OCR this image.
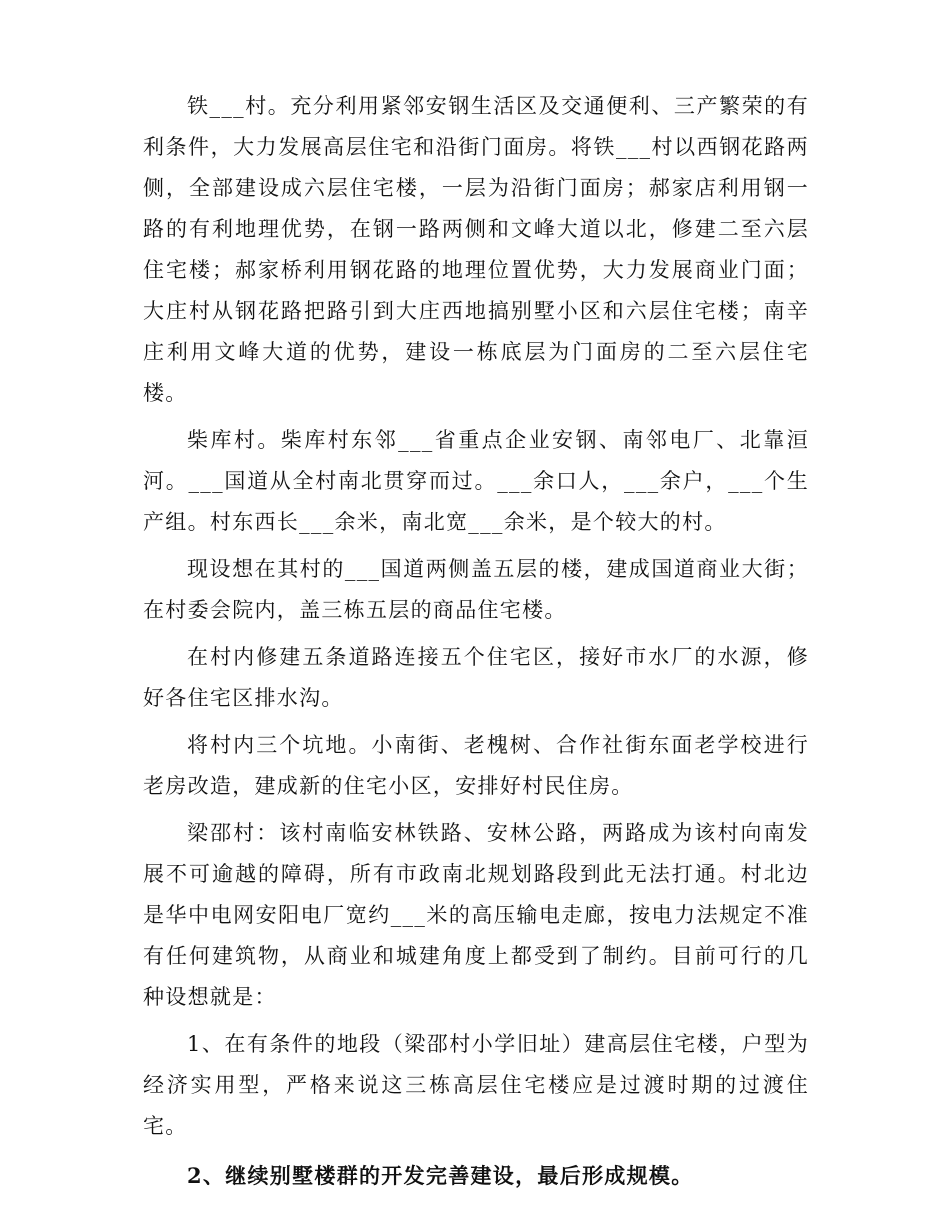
铁___村。充分利用紧邻安钢生活区及交通便利、三产繁荣的有利条件，大力发展高层住宅和沿街门面房。将铁___村以西钢花路两侧，全部建设成六层住宅楼，一层为沿街门面房；郝家店利用钢一路的有利地理优势，在钢一路两侧和文峰大道以北，修建二至六层住宅楼；郝家桥利用钢花路的地理位置优势，大力发展商业门面；大庄村从钢花路把路引到大庄西地搞别墅小区和六层住宅楼；南辛庄利用文峰大道的优势，建设一栋底层为门面房的二至六层住宅楼。

柴库村。柴库村东邻___省重点企业安钢、南邻电厂、北靠洹河。___国道从全村南北贯穿而过。___余口人，___余户，___个生产组。村东西长___余米，南北宽___余米，是个较大的村。

现设想在其村的___国道两侧盖五层的楼，建成国道商业大街；在村委会院内，盖三栋五层的商品住宅楼。

在村内修建五条道路连接五个住宅区，接好市水厂的水源，修好各住宅区排水沟。

将村内三个坑地。小南街、老槐树、合作社街东面老学校进行老房改造，建成新的住宅小区，安排好村民住房。

梁邵村：该村南临安林铁路、安林公路，两路成为该村向南发展不可逾越的障碍，所有市政南北规划路段到此无法打通。村北边是华中电网安阳电厂宽约___米的高压输电走廊，按电力法规定不准有任何建筑物，从商业和城建角度上都受到了制约。目前可行的几种设想就是：

1、在有条件的地段（梁邵村小学旧址）建高层住宅楼，户型为经济实用型，严格来说这三栋高层住宅楼应是过渡时期的过渡住宅。

2、继续别墅楼群的开发完善建设，最后形成规模。
